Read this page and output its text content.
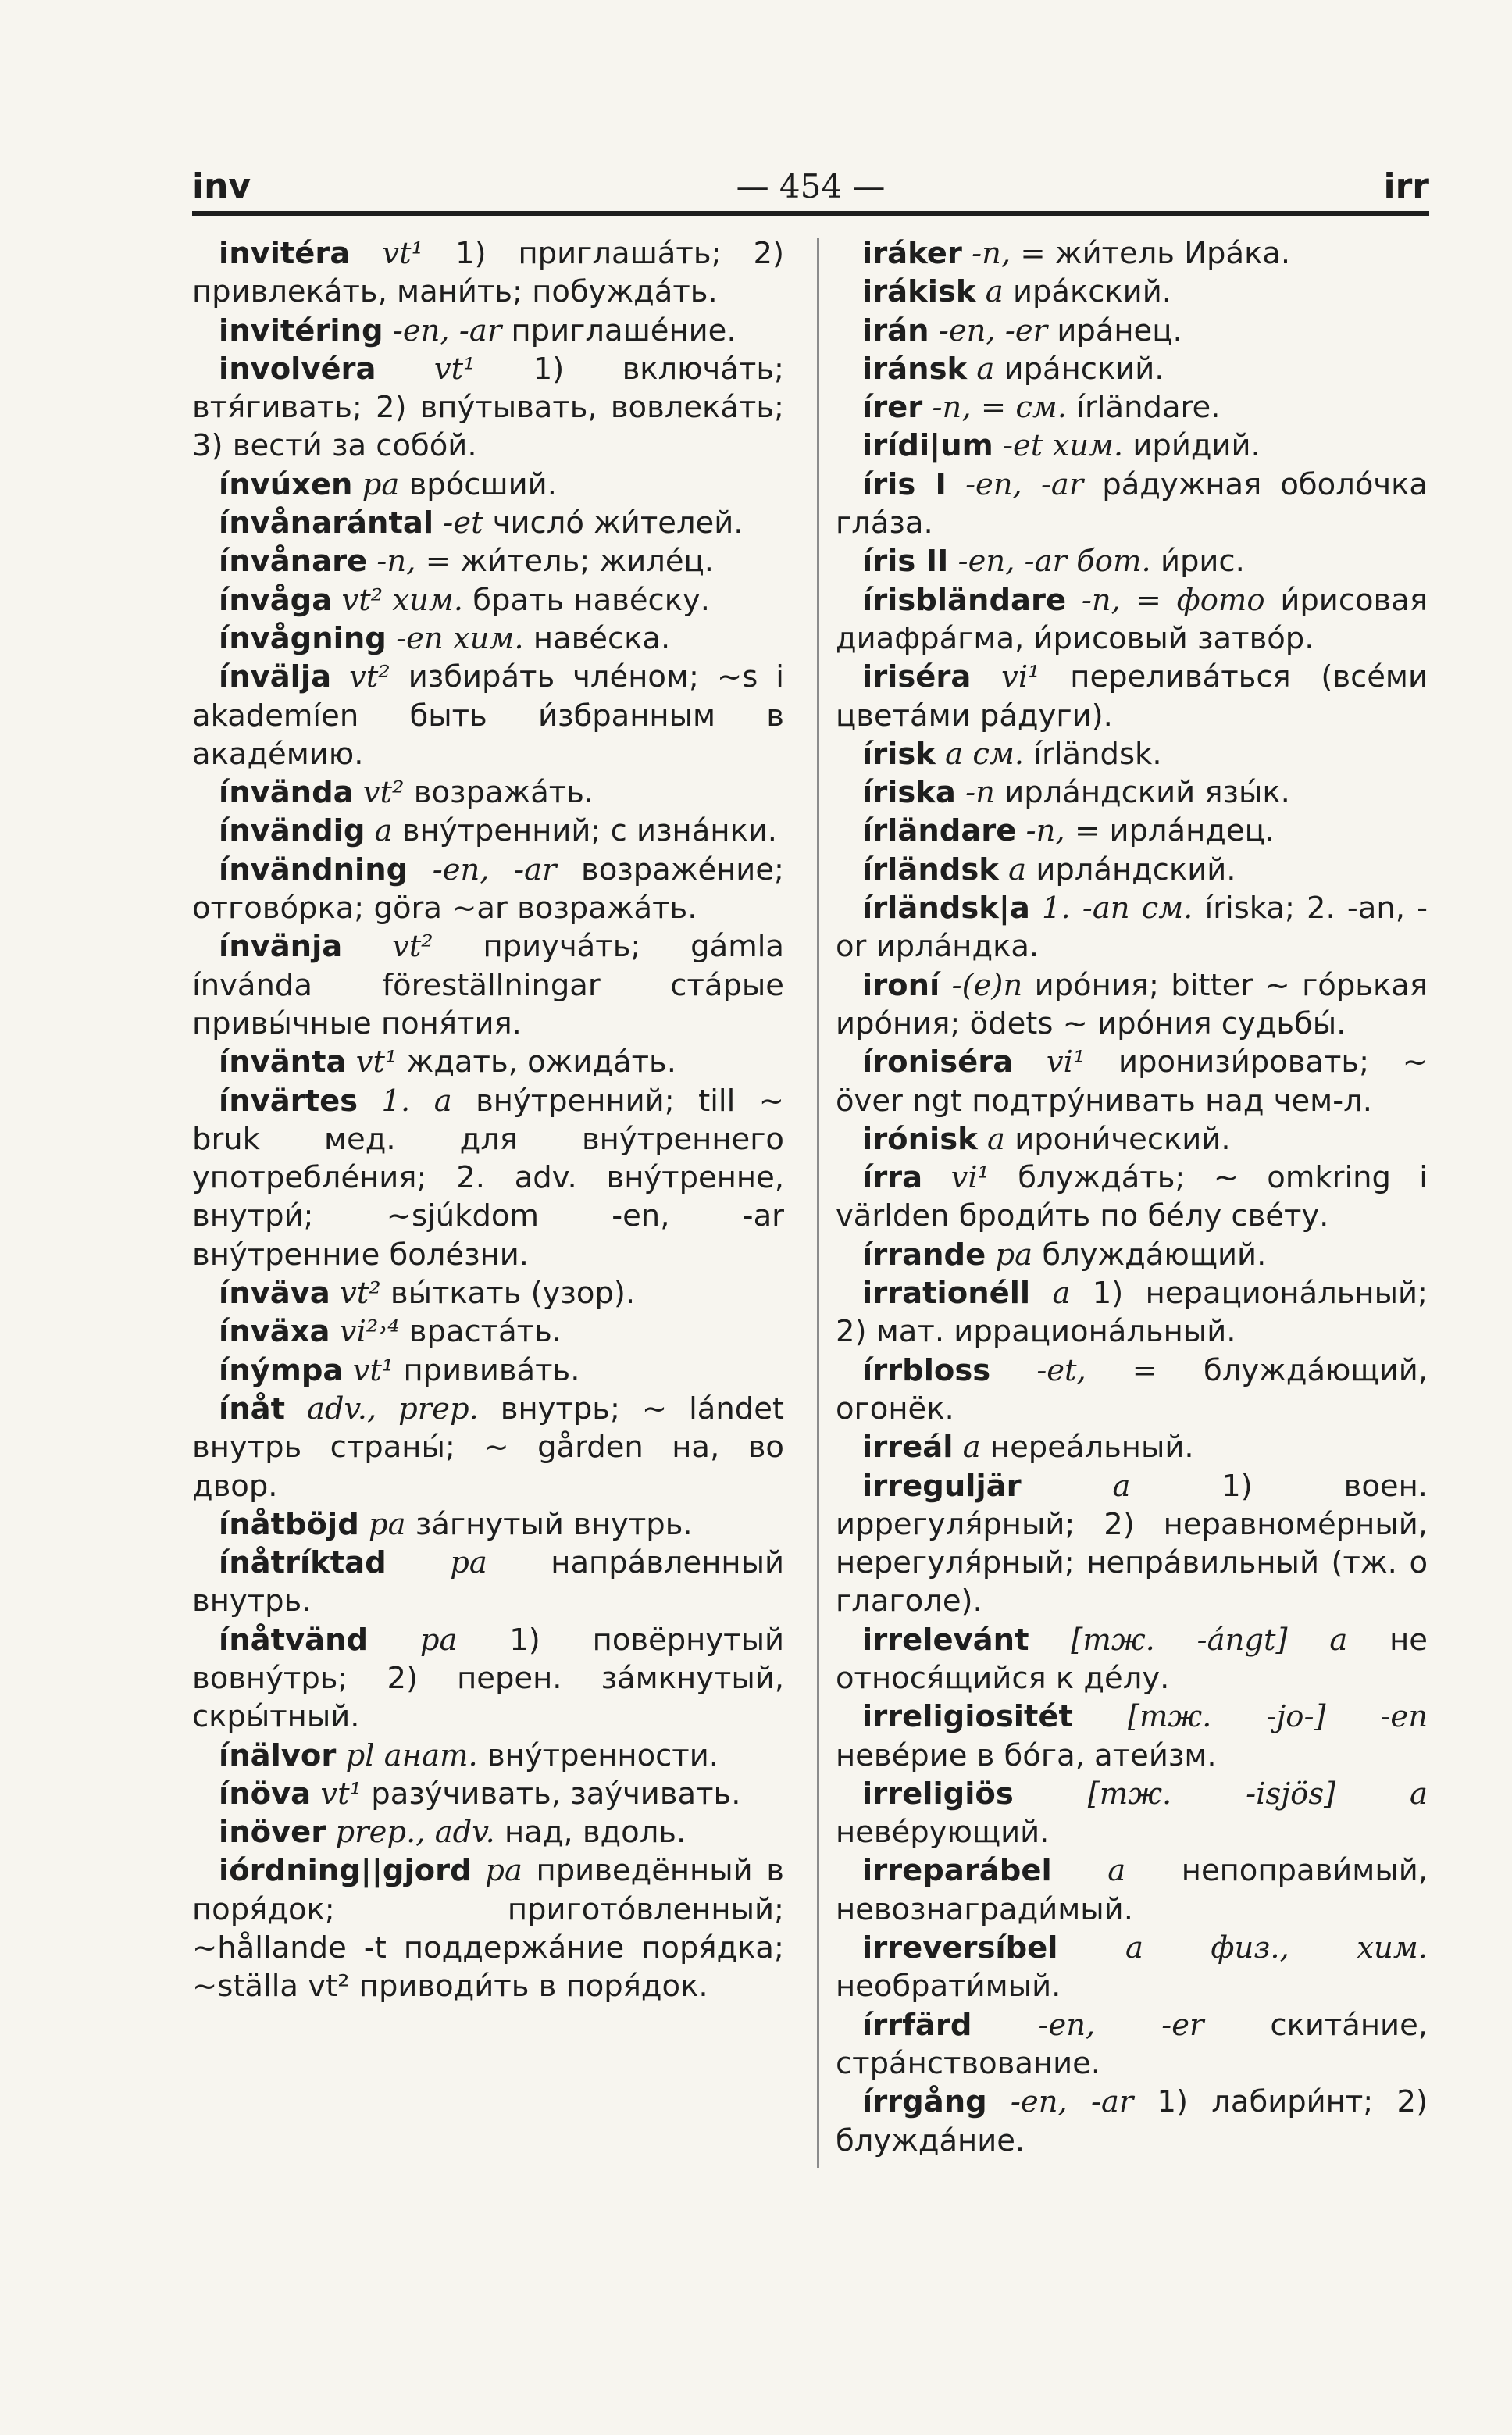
inv	— 454 —	irr

invitéra vt¹ 1) приглаша́ть; 2) привлека́ть, мани́ть; побужда́ть.

invitéring -en, -ar приглаше́ние.

involvéra vt¹ 1) включа́ть; втя́гивать; 2) впу́тывать, вовлека́ть; 3) вести́ за собо́й.

ínvúxen pa вро́сший.

ínvånarántal -et число́ жи́телей.

ínvånare -n, = жи́тель; жиле́ц.

ínvåga vt² хим. брать наве́ску.

ínvågning -en хим. наве́ска.

ínvälja vt² избира́ть чле́ном; ~s i akademíen быть и́збранным в акаде́мию.

ínvända vt² возража́ть.

ínvändig a вну́тренний; с изна́нки.

ínvändning -en, -ar возраже́ние; отгово́рка; göra ~ar возража́ть.

ínvänja vt² приуча́ть; gámla ínvánda föreställningar ста́рые привы́чные поня́тия.

ínvänta vt¹ ждать, ожида́ть.

ínvärtes 1. a вну́тренний; till ~ bruk мед. для вну́треннего употребле́ния; 2. adv. вну́тренне, внутри́; ~sjúkdom -en, -ar вну́тренние боле́зни.

ínväva vt² вы́ткать (узор).

ínväxa vi²˒⁴ враста́ть.

ínýmpa vt¹ привива́ть.

ínåt adv., prep. внутрь; ~ lándet внутрь страны́; ~ gården на, во двор.

ínåtböjd pa за́гнутый внутрь.

ínåtríktad pa напра́вленный внутрь.

ínåtvänd pa 1) повёрнутый вовну́трь; 2) перен. за́мкнутый, скры́тный.

ínälvor pl анат. вну́тренности.

ínöva vt¹ разу́чивать, зау́чивать.

inöver prep., adv. над, вдоль.

iórdning||gjord pa приведённый в поря́док; пригото́вленный; ~hållande -t поддержа́ние поря́дка; ~ställa vt² приводи́ть в поря́док.

iráker -n, = жи́тель Ира́ка.

irákisk a ира́кский.

irán -en, -er ира́нец.

iránsk a ира́нский.

írer -n, = см. írländare.

irídi|um -et хим. ири́дий.

íris I -en, -ar ра́дужная оболо́чка гла́за.

íris II -en, -ar бот. и́рис.

írisbländare -n, = фото и́рисовая диафра́гма, и́рисовый затво́р.

iriséra vi¹ перелива́ться (все́ми цвета́ми ра́дуги).

írisk a см. írländsk.

íriska -n ирла́ндский язы́к.

írländare -n, = ирла́ндец.

írländsk a ирла́ндский.

írländsk|a 1. -an см. íriska; 2. -an, -or ирла́ндка.

ironí -(e)n иро́ния; bitter ~ го́рькая иро́ния; ödets ~ иро́ния судьбы́.

íroniséra vi¹ иронизи́ровать; ~ över ngt подтру́нивать над чем-л.

irónisk a ирони́ческий.

írra vi¹ блужда́ть; ~ omkring i världen броди́ть по бе́лу све́ту.

írrande pa блужда́ющий.

irrationéll a 1) нерациона́льный; 2) мат. иррациона́льный.

írrbloss -et, = блужда́ющий, огонёк.

irreál a нереа́льный.

irreguljär	a 1) воен. иррегуля́рный; 2) неравноме́рный, нерегуля́рный; непра́вильный (тж. о глаголе).

irrelevánt [тж. -ángt] a не относя́щийся к де́лу.

irreligiositét [тж. -jo-] -en неве́рие в бо́га, атеи́зм.

irreligiös [тж. -isjös] a неве́рующий.

irreparábel a непоправи́мый, невознагради́мый.

irreversíbel a физ., хим. необрати́мый.

írrfärd -en, -er скита́ние, стра́нствование.

írrgång -en, -ar 1) лабири́нт; 2) блужда́ние.
